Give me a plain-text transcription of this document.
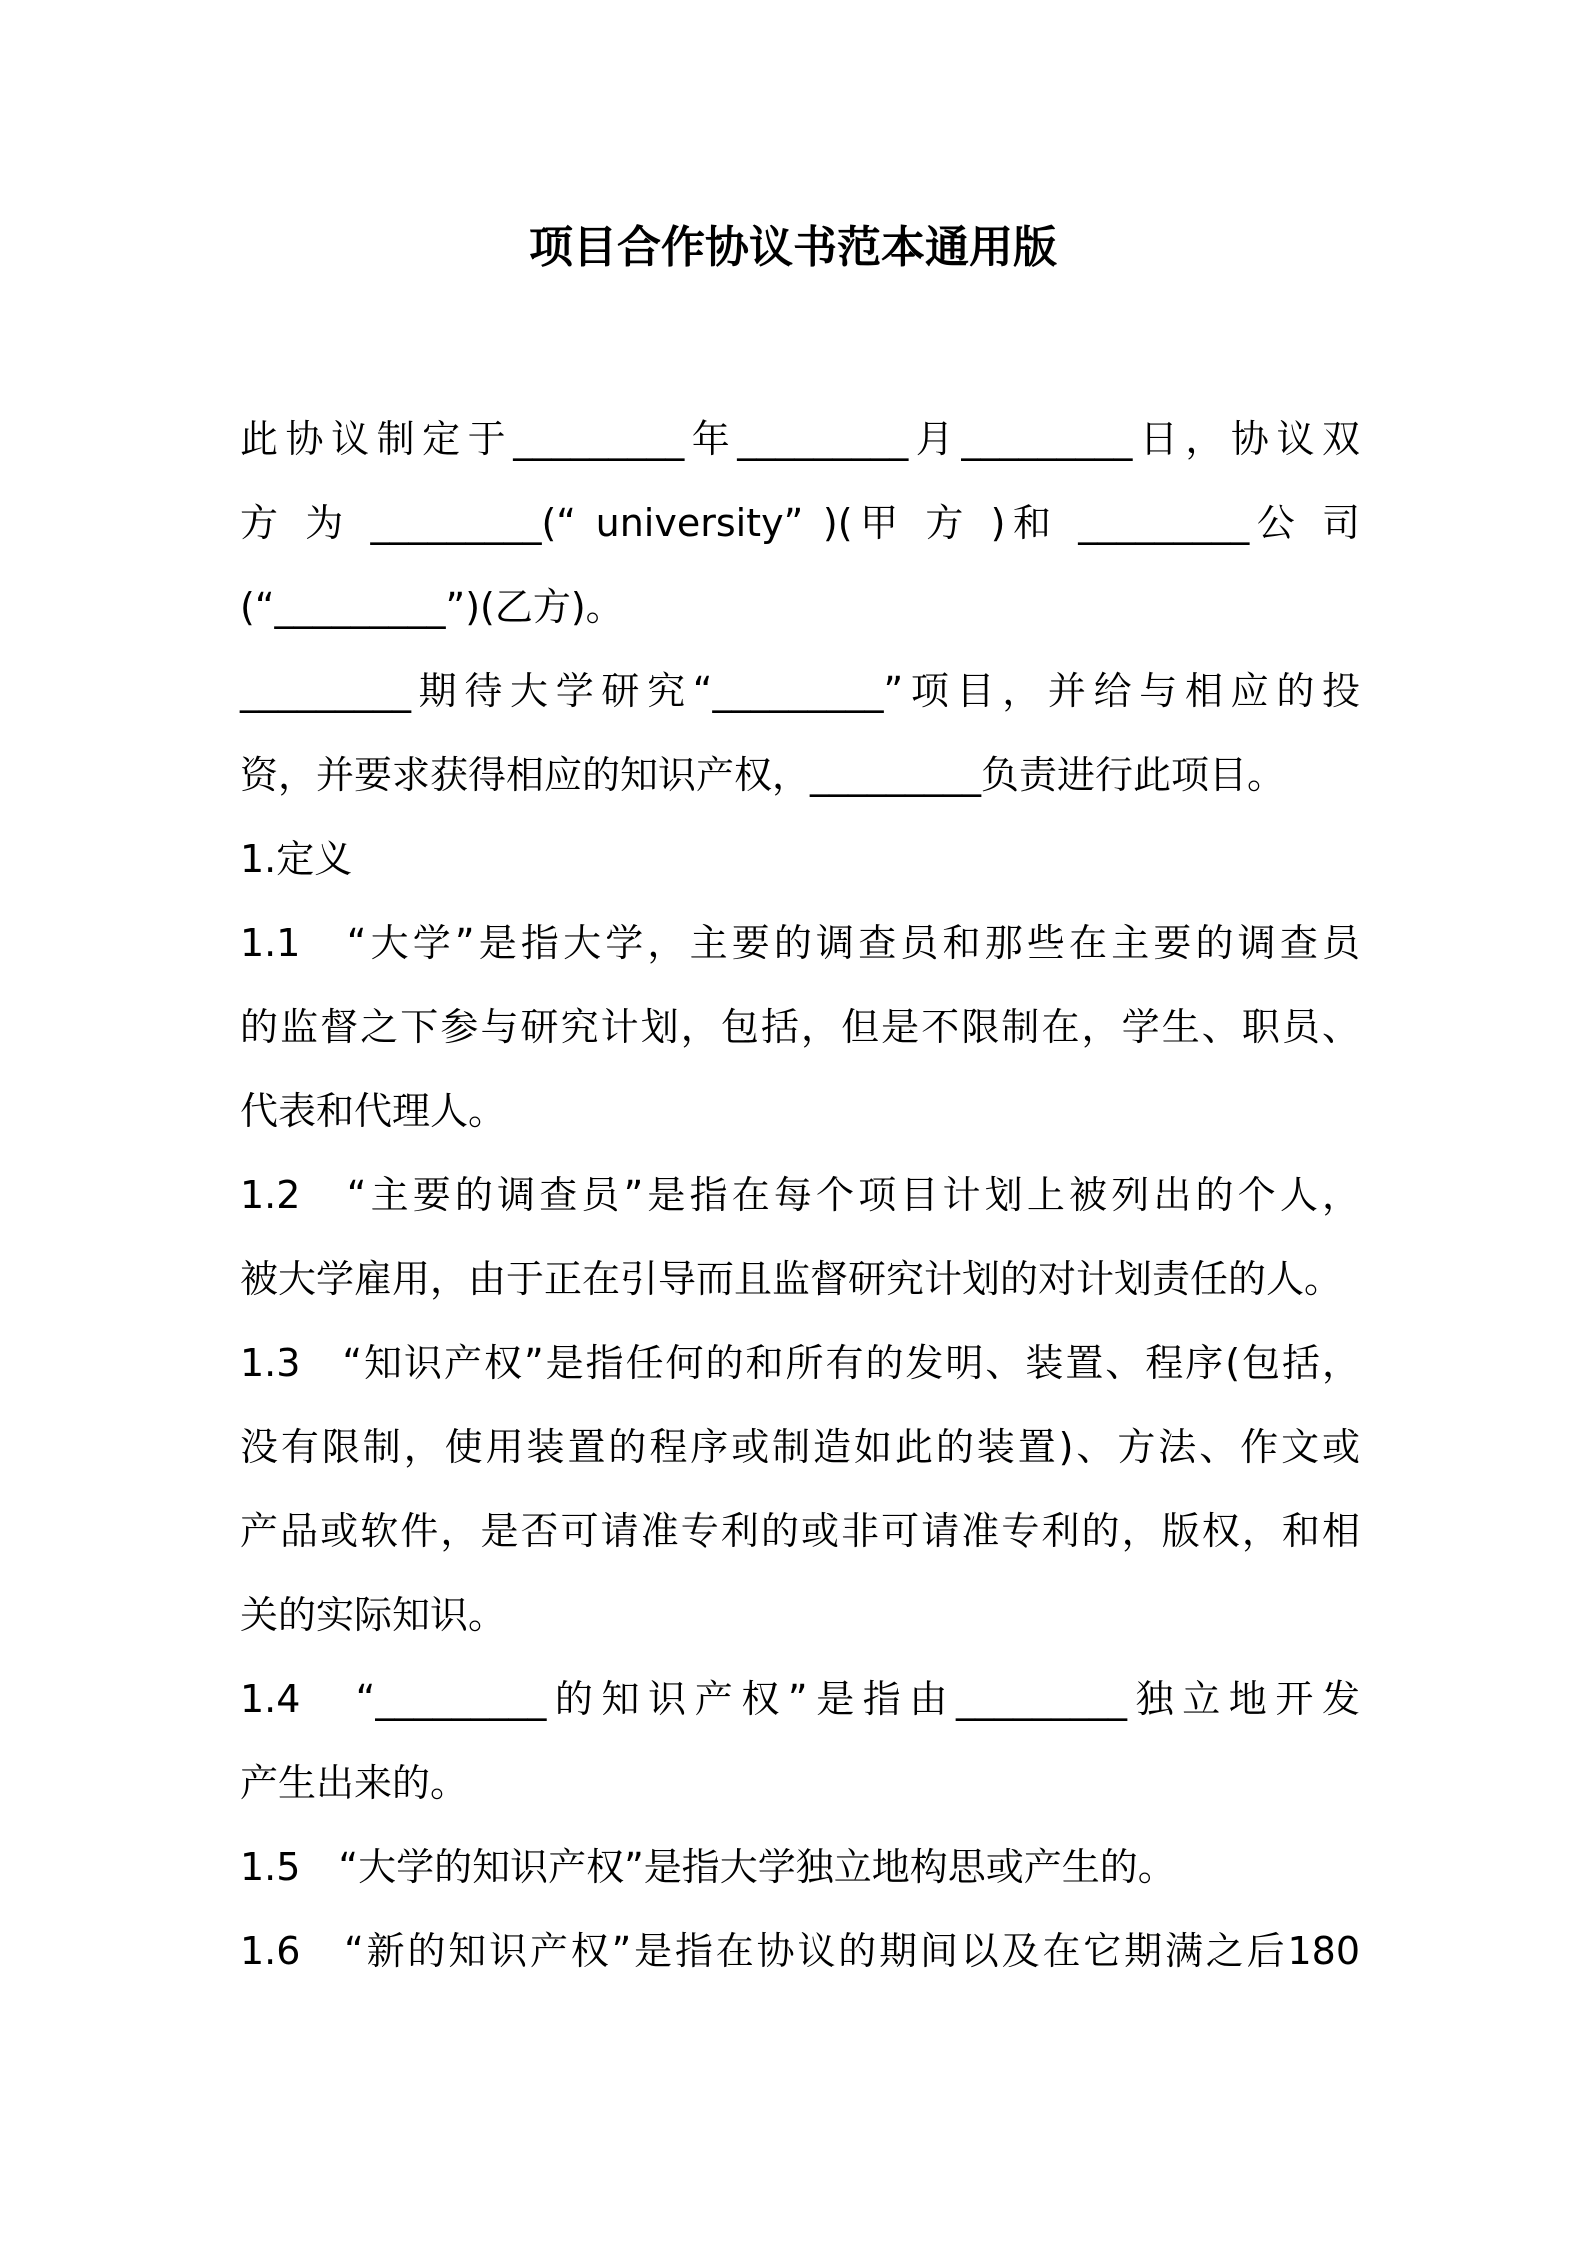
项目合作协议书范本通用版

此协议制定于_________年_________月_________日，协议双

方 为 _________(“ university” )(甲 方 )和 _________公 司

(“_________”)(乙方)。

_________期待大学研究“_________”项目，并给与相应的投

资，并要求获得相应的知识产权，_________负责进行此项目。

1.定义

1.1　“大学”是指大学，主要的调查员和那些在主要的调查员

的监督之下参与研究计划，包括，但是不限制在，学生、职员、

代表和代理人。

1.2　“主要的调查员”是指在每个项目计划上被列出的个人，

被大学雇用，由于正在引导而且监督研究计划的对计划责任的人。

1.3　“知识产权”是指任何的和所有的发明、装置、程序(包括，

没有限制，使用装置的程序或制造如此的装置)、方法、作文或

产品或软件，是否可请准专利的或非可请准专利的，版权，和相

关的实际知识。

1.4　“_________的知识产权”是指由_________独立地开发

产生出来的。

1.5　“大学的知识产权”是指大学独立地构思或产生的。

1.6　“新的知识产权”是指在协议的期间以及在它期满之后180
